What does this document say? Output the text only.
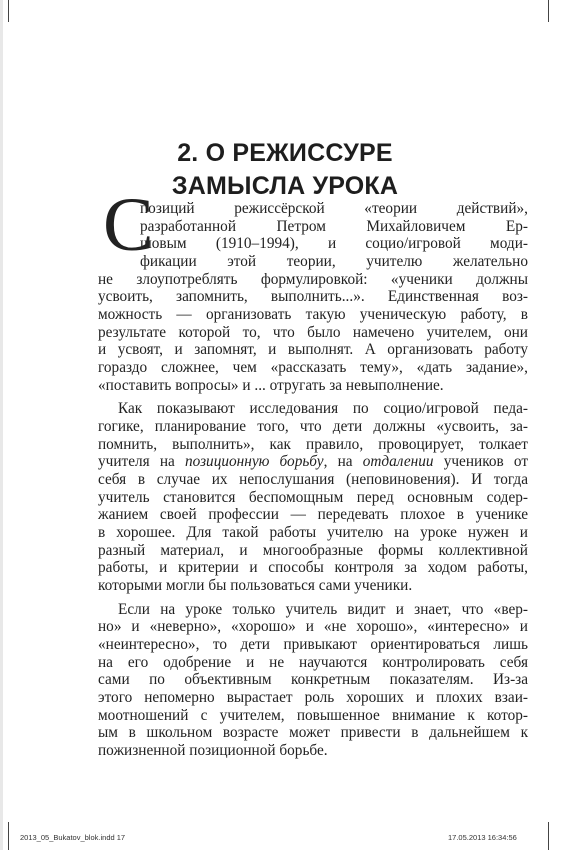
2. О РЕЖИССУРЕ
ЗАМЫСЛА УРОКА
С
позиций режиссёрской «теории действий»,
разработанной Петром Михайловичем Ер-
шовым (1910–1994), и социо/игровой моди-
фикации этой теории, учителю желательно
не злоупотреблять формулировкой: «ученики должны
усвоить, запомнить, выполнить...». Единственная воз-
можность — организовать такую ученическую работу, в
результате которой то, что было намечено учителем, они
и усвоят, и запомнят, и выполнят. А организовать работу
гораздо сложнее, чем «рассказать тему», «дать задание»,
«поставить вопросы» и ... отругать за невыполнение.
Как показывают исследования по социо/игровой педа-
гогике, планирование того, что дети должны «усвоить, за-
помнить, выполнить», как правило, провоцирует, толкает
учителя на позиционную борьбу, на отдалении учеников от
себя в случае их непослушания (неповиновения). И тогда
учитель становится беспомощным перед основным содер-
жанием своей профессии — передевать плохое в ученике
в хорошее. Для такой работы учителю на уроке нужен и
разный материал, и многообразные формы коллективной
работы, и критерии и способы контроля за ходом работы,
которыми могли бы пользоваться сами ученики.
Если на уроке только учитель видит и знает, что «вер-
но» и «неверно», «хорошо» и «не хорошо», «интересно» и
«неинтересно», то дети привыкают ориентироваться лишь
на его одобрение и не научаются контролировать себя
сами по объективным конкретным показателям. Из-за
этого непомерно вырастает роль хороших и плохих взаи-
моотношений с учителем, повышенное внимание к котор-
ым в школьном возрасте может привести в дальнейшем к
пожизненной позиционной борьбе.
2013_05_Bukatov_blok.indd 17	17.05.2013 16:34:56
